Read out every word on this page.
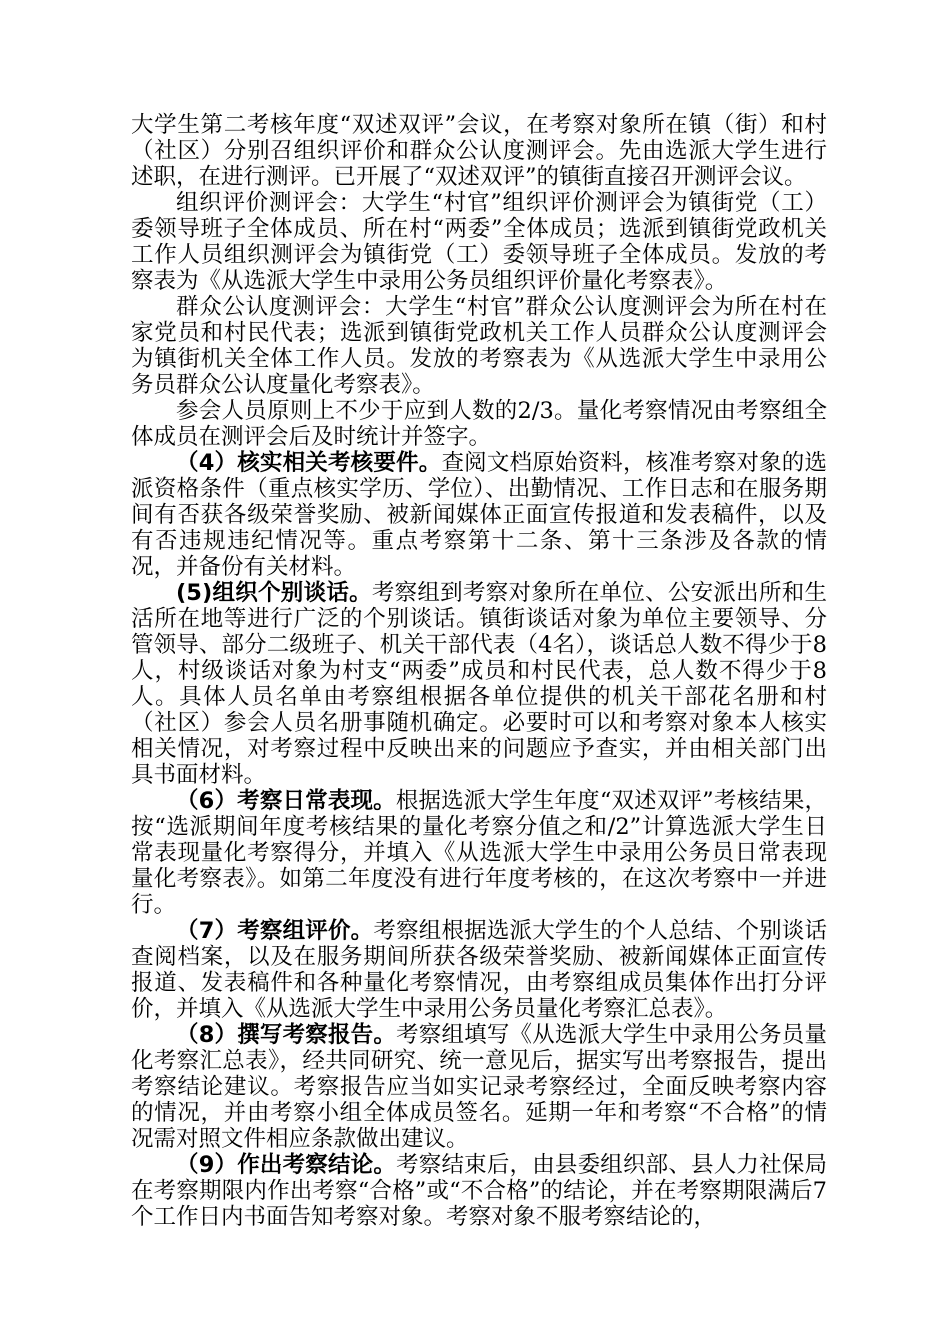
大学生第二考核年度“双述双评”会议，在考察对象所在镇（街）和村（社区）分别召组织评价和群众公认度测评会。先由选派大学生进行述职，在进行测评。已开展了“双述双评”的镇街直接召开测评会议。

组织评价测评会：大学生“村官”组织评价测评会为镇街党（工）委领导班子全体成员、所在村“两委”全体成员；选派到镇街党政机关工作人员组织测评会为镇街党（工）委领导班子全体成员。发放的考察表为《从选派大学生中录用公务员组织评价量化考察表》。

群众公认度测评会：大学生“村官”群众公认度测评会为所在村在家党员和村民代表；选派到镇街党政机关工作人员群众公认度测评会为镇街机关全体工作人员。发放的考察表为《从选派大学生中录用公务员群众公认度量化考察表》。

参会人员原则上不少于应到人数的2/3。量化考察情况由考察组全体成员在测评会后及时统计并签字。

（4）核实相关考核要件。查阅文档原始资料，核准考察对象的选派资格条件（重点核实学历、学位）、出勤情况、工作日志和在服务期间有否获各级荣誉奖励、被新闻媒体正面宣传报道和发表稿件，以及有否违规违纪情况等。重点考察第十二条、第十三条涉及各款的情况，并备份有关材料。

(5)组织个别谈话。考察组到考察对象所在单位、公安派出所和生活所在地等进行广泛的个别谈话。镇街谈话对象为单位主要领导、分管领导、部分二级班子、机关干部代表（4名），谈话总人数不得少于8人，村级谈话对象为村支“两委”成员和村民代表，总人数不得少于8人。具体人员名单由考察组根据各单位提供的机关干部花名册和村（社区）参会人员名册事随机确定。必要时可以和考察对象本人核实相关情况，对考察过程中反映出来的问题应予查实，并由相关部门出具书面材料。

（6）考察日常表现。根据选派大学生年度“双述双评”考核结果，按“选派期间年度考核结果的量化考察分值之和/2”计算选派大学生日常表现量化考察得分，并填入《从选派大学生中录用公务员日常表现量化考察表》。如第二年度没有进行年度考核的，在这次考察中一并进行。

（7）考察组评价。考察组根据选派大学生的个人总结、个别谈话查阅档案，以及在服务期间所获各级荣誉奖励、被新闻媒体正面宣传报道、发表稿件和各种量化考察情况，由考察组成员集体作出打分评价，并填入《从选派大学生中录用公务员量化考察汇总表》。

（8）撰写考察报告。考察组填写《从选派大学生中录用公务员量化考察汇总表》，经共同研究、统一意见后，据实写出考察报告，提出考察结论建议。考察报告应当如实记录考察经过，全面反映考察内容的情况，并由考察小组全体成员签名。延期一年和考察“不合格”的情况需对照文件相应条款做出建议。

（9）作出考察结论。考察结束后，由县委组织部、县人力社保局在考察期限内作出考察“合格”或“不合格”的结论，并在考察期限满后7个工作日内书面告知考察对象。考察对象不服考察结论的，
